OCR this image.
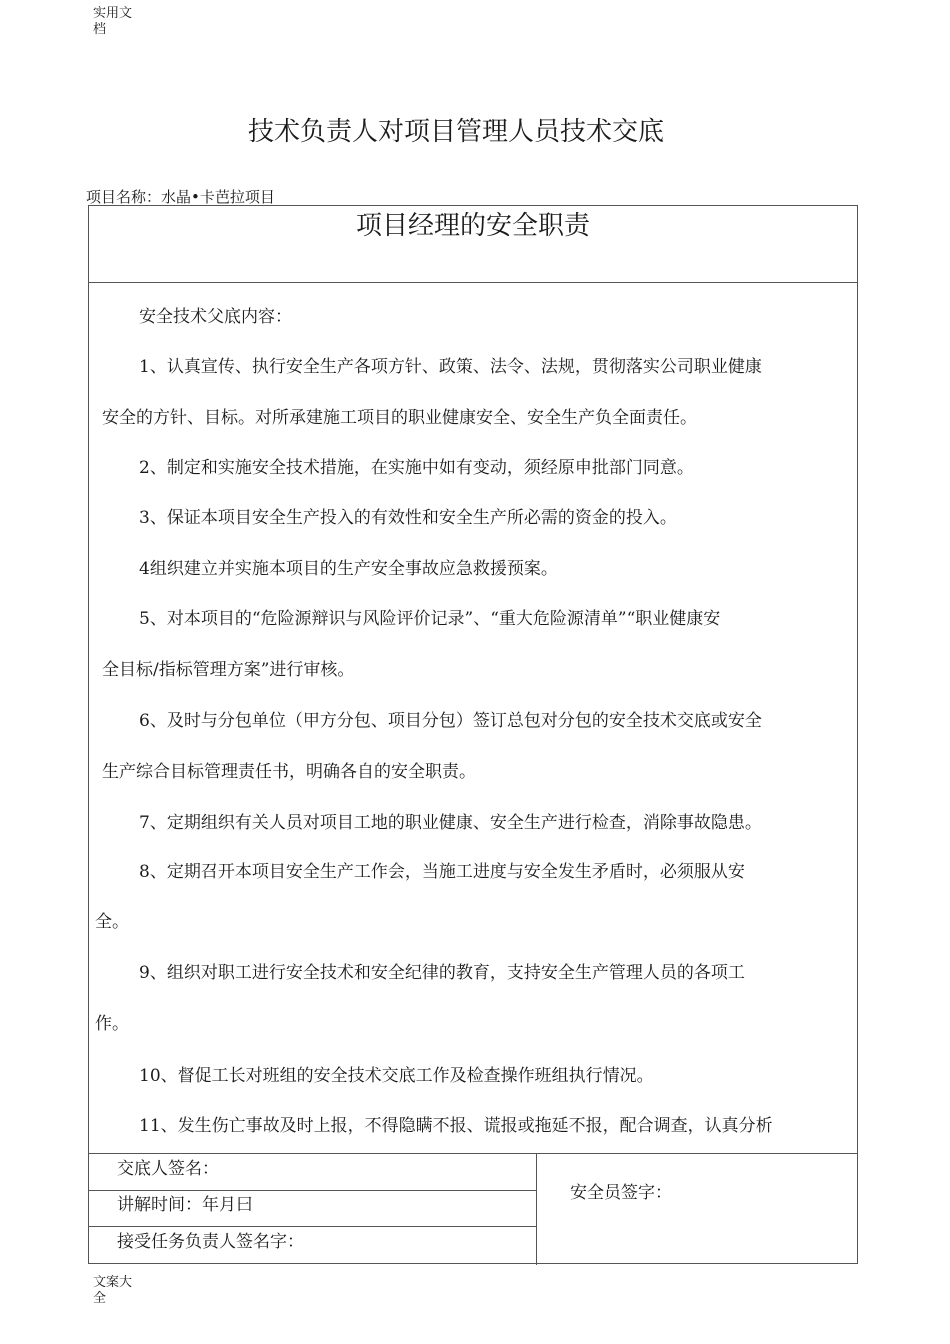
实用文档
技术负责人对项目管理人员技术交底
项目名称：水晶•卡芭拉项目
项目经理的安全职责
安全技术父底内容：
1、认真宣传、执行安全生产各项方针、政策、法令、法规，贯彻落实公司职业健康
安全的方针、目标。对所承建施工项目的职业健康安全、安全生产负全面责任。
2、制定和实施安全技术措施，在实施中如有变动，须经原申批部门同意。
3、保证本项目安全生产投入的有效性和安全生产所必需的资金的投入。
4组织建立并实施本项目的生产安全事故应急救援预案。
5、对本项目的“危险源辩识与风险评价记录”、“重大危险源清单”“职业健康安
全目标/指标管理方案”进行审核。
6、及时与分包单位（甲方分包、项目分包）签订总包对分包的安全技术交底或安全
生产综合目标管理责任书，明确各自的安全职责。
7、定期组织有关人员对项目工地的职业健康、安全生产进行检查，消除事故隐患。
8、定期召开本项目安全生产工作会，当施工进度与安全发生矛盾时，必须服从安
全。
9、组织对职工进行安全技术和安全纪律的教育，支持安全生产管理人员的各项工
作。
10、督促工长对班组的安全技术交底工作及检查操作班组执行情况。
11、发生伤亡事故及时上报，不得隐瞒不报、谎报或拖延不报，配合调查，认真分析
交底人签名：
讲解时间：年月曰
接受任务负责人签名字：
安全员签字：
文案大全
